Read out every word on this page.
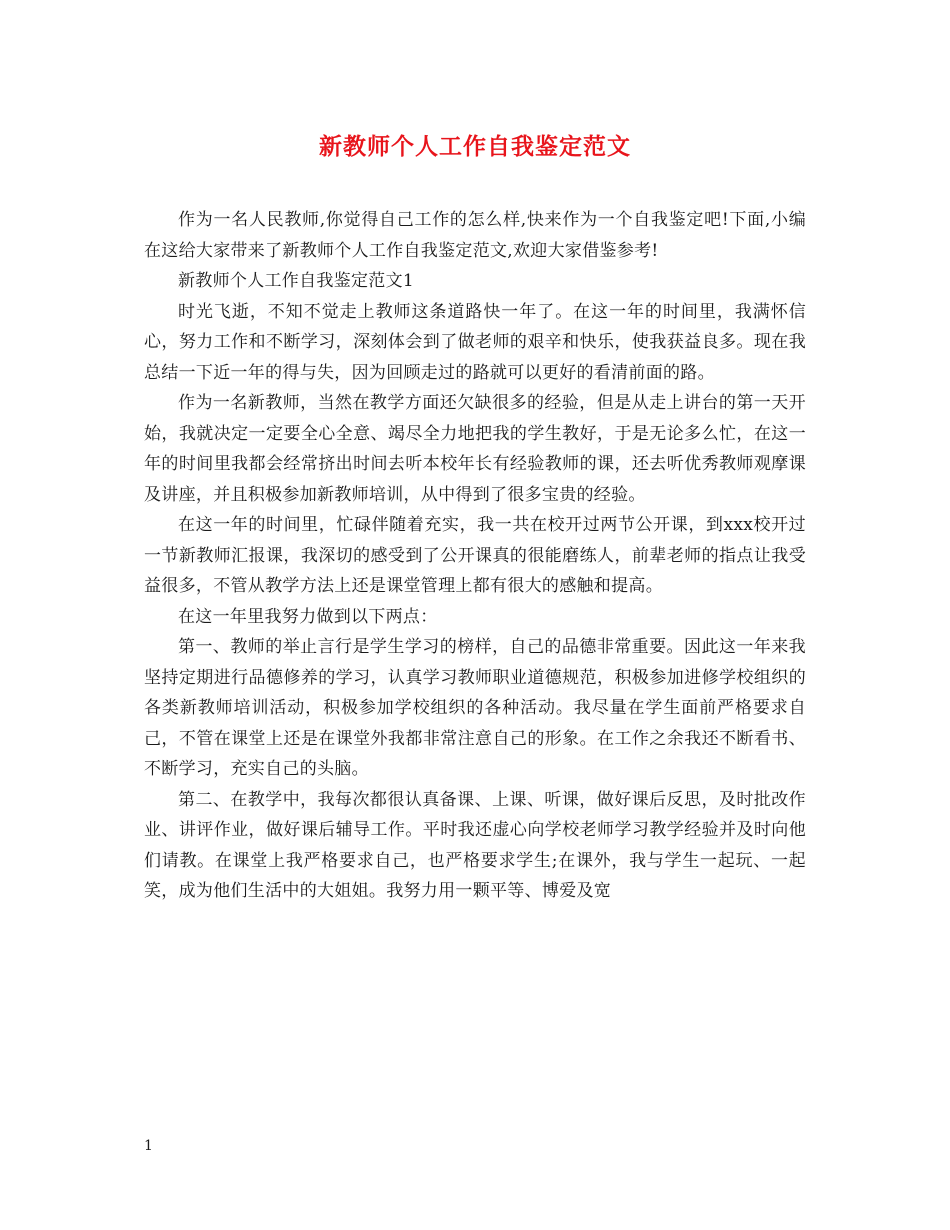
新教师个人工作自我鉴定范文

作为一名人民教师,你觉得自己工作的怎么样,快来作为一个自我鉴定吧!下面,小编在这给大家带来了新教师个人工作自我鉴定范文,欢迎大家借鉴参考!

新教师个人工作自我鉴定范文1

时光飞逝，不知不觉走上教师这条道路快一年了。在这一年的时间里，我满怀信心，努力工作和不断学习，深刻体会到了做老师的艰辛和快乐，使我获益良多。现在我总结一下近一年的得与失，因为回顾走过的路就可以更好的看清前面的路。

作为一名新教师，当然在教学方面还欠缺很多的经验，但是从走上讲台的第一天开始，我就决定一定要全心全意、竭尽全力地把我的学生教好，于是无论多么忙，在这一年的时间里我都会经常挤出时间去听本校年长有经验教师的课，还去听优秀教师观摩课及讲座，并且积极参加新教师培训，从中得到了很多宝贵的经验。

在这一年的时间里，忙碌伴随着充实，我一共在校开过两节公开课，到xxx校开过一节新教师汇报课，我深切的感受到了公开课真的很能磨练人，前辈老师的指点让我受益很多，不管从教学方法上还是课堂管理上都有很大的感触和提高。

在这一年里我努力做到以下两点：

第一、教师的举止言行是学生学习的榜样，自己的品德非常重要。因此这一年来我坚持定期进行品德修养的学习，认真学习教师职业道德规范，积极参加进修学校组织的各类新教师培训活动，积极参加学校组织的各种活动。我尽量在学生面前严格要求自己，不管在课堂上还是在课堂外我都非常注意自己的形象。在工作之余我还不断看书、不断学习，充实自己的头脑。

第二、在教学中，我每次都很认真备课、上课、听课，做好课后反思，及时批改作业、讲评作业，做好课后辅导工作。平时我还虚心向学校老师学习教学经验并及时向他们请教。在课堂上我严格要求自己，也严格要求学生;在课外，我与学生一起玩、一起笑，成为他们生活中的大姐姐。我努力用一颗平等、博爱及宽

1
